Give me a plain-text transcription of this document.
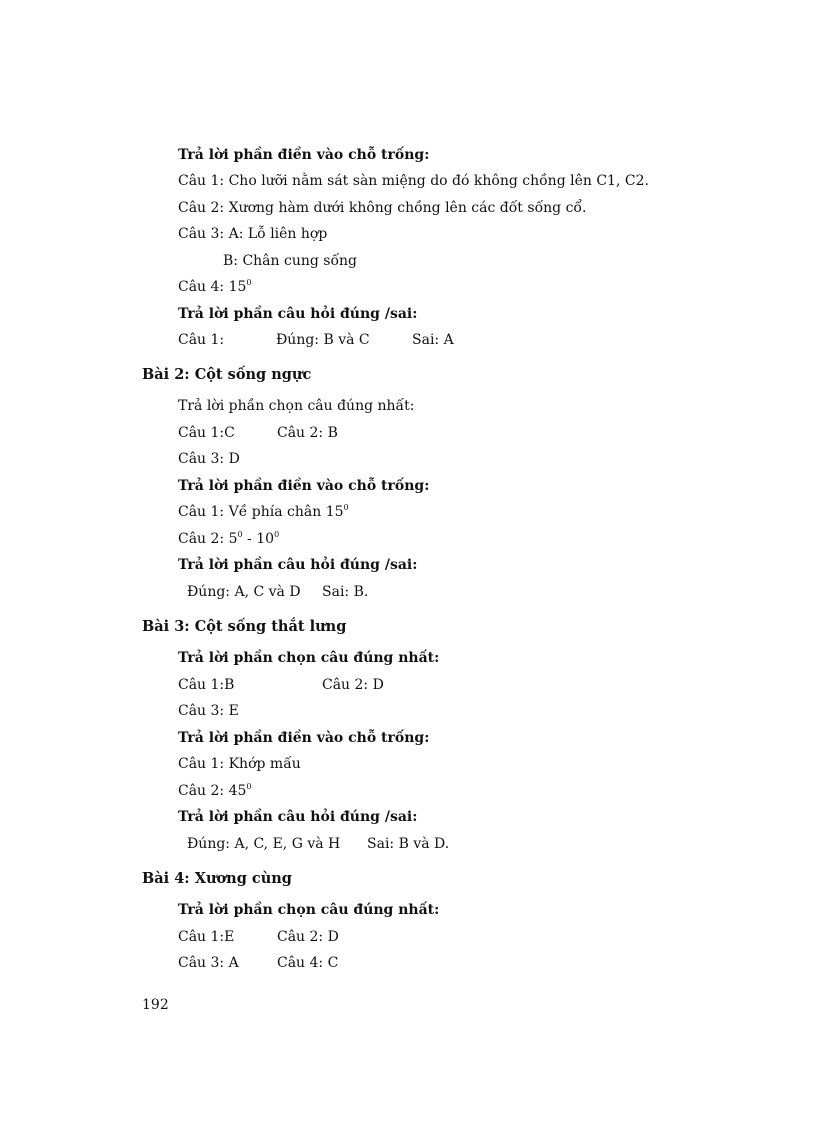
Trả lời phần điền vào chỗ trống:
Câu 1: Cho lưỡi nằm sát sàn miệng do đó không chồng lên C1, C2.
Câu 2: Xương hàm dưới không chồng lên các đốt sống cổ.
Câu 3: A: Lỗ liên hợp
B: Chân cung sống
Câu 4: $15^0$
Trả lời phần câu hỏi đúng /sai:
Câu 1:	Đúng: B và C	Sai: A
Bài 2: Cột sống ngực
Trả lời phần chọn câu đúng nhất:
Câu 1:C	Câu 2: B
Câu 3: D
Trả lời phần điền vào chỗ trống:
Câu 1: Về phía chân $15^0$
Câu 2: $5^0 - 10^0$
Trả lời phần câu hỏi đúng /sai:
Đúng: A, C và D Sai: B.
Bài 3: Cột sống thắt lưng
Trả lời phần chọn câu đúng nhất:
Câu 1:B	Câu 2: D
Câu 3: E
Trả lời phần điền vào chỗ trống:
Câu 1: Khớp mấu
Câu 2: $45^0$
Trả lời phần câu hỏi đúng /sai:
Đúng: A, C, E, G và H Sai: B và D.
Bài 4: Xương cùng
Trả lời phần chọn câu đúng nhất:
Câu 1:E	Câu 2: D
Câu 3: A	Câu 4: C
192
